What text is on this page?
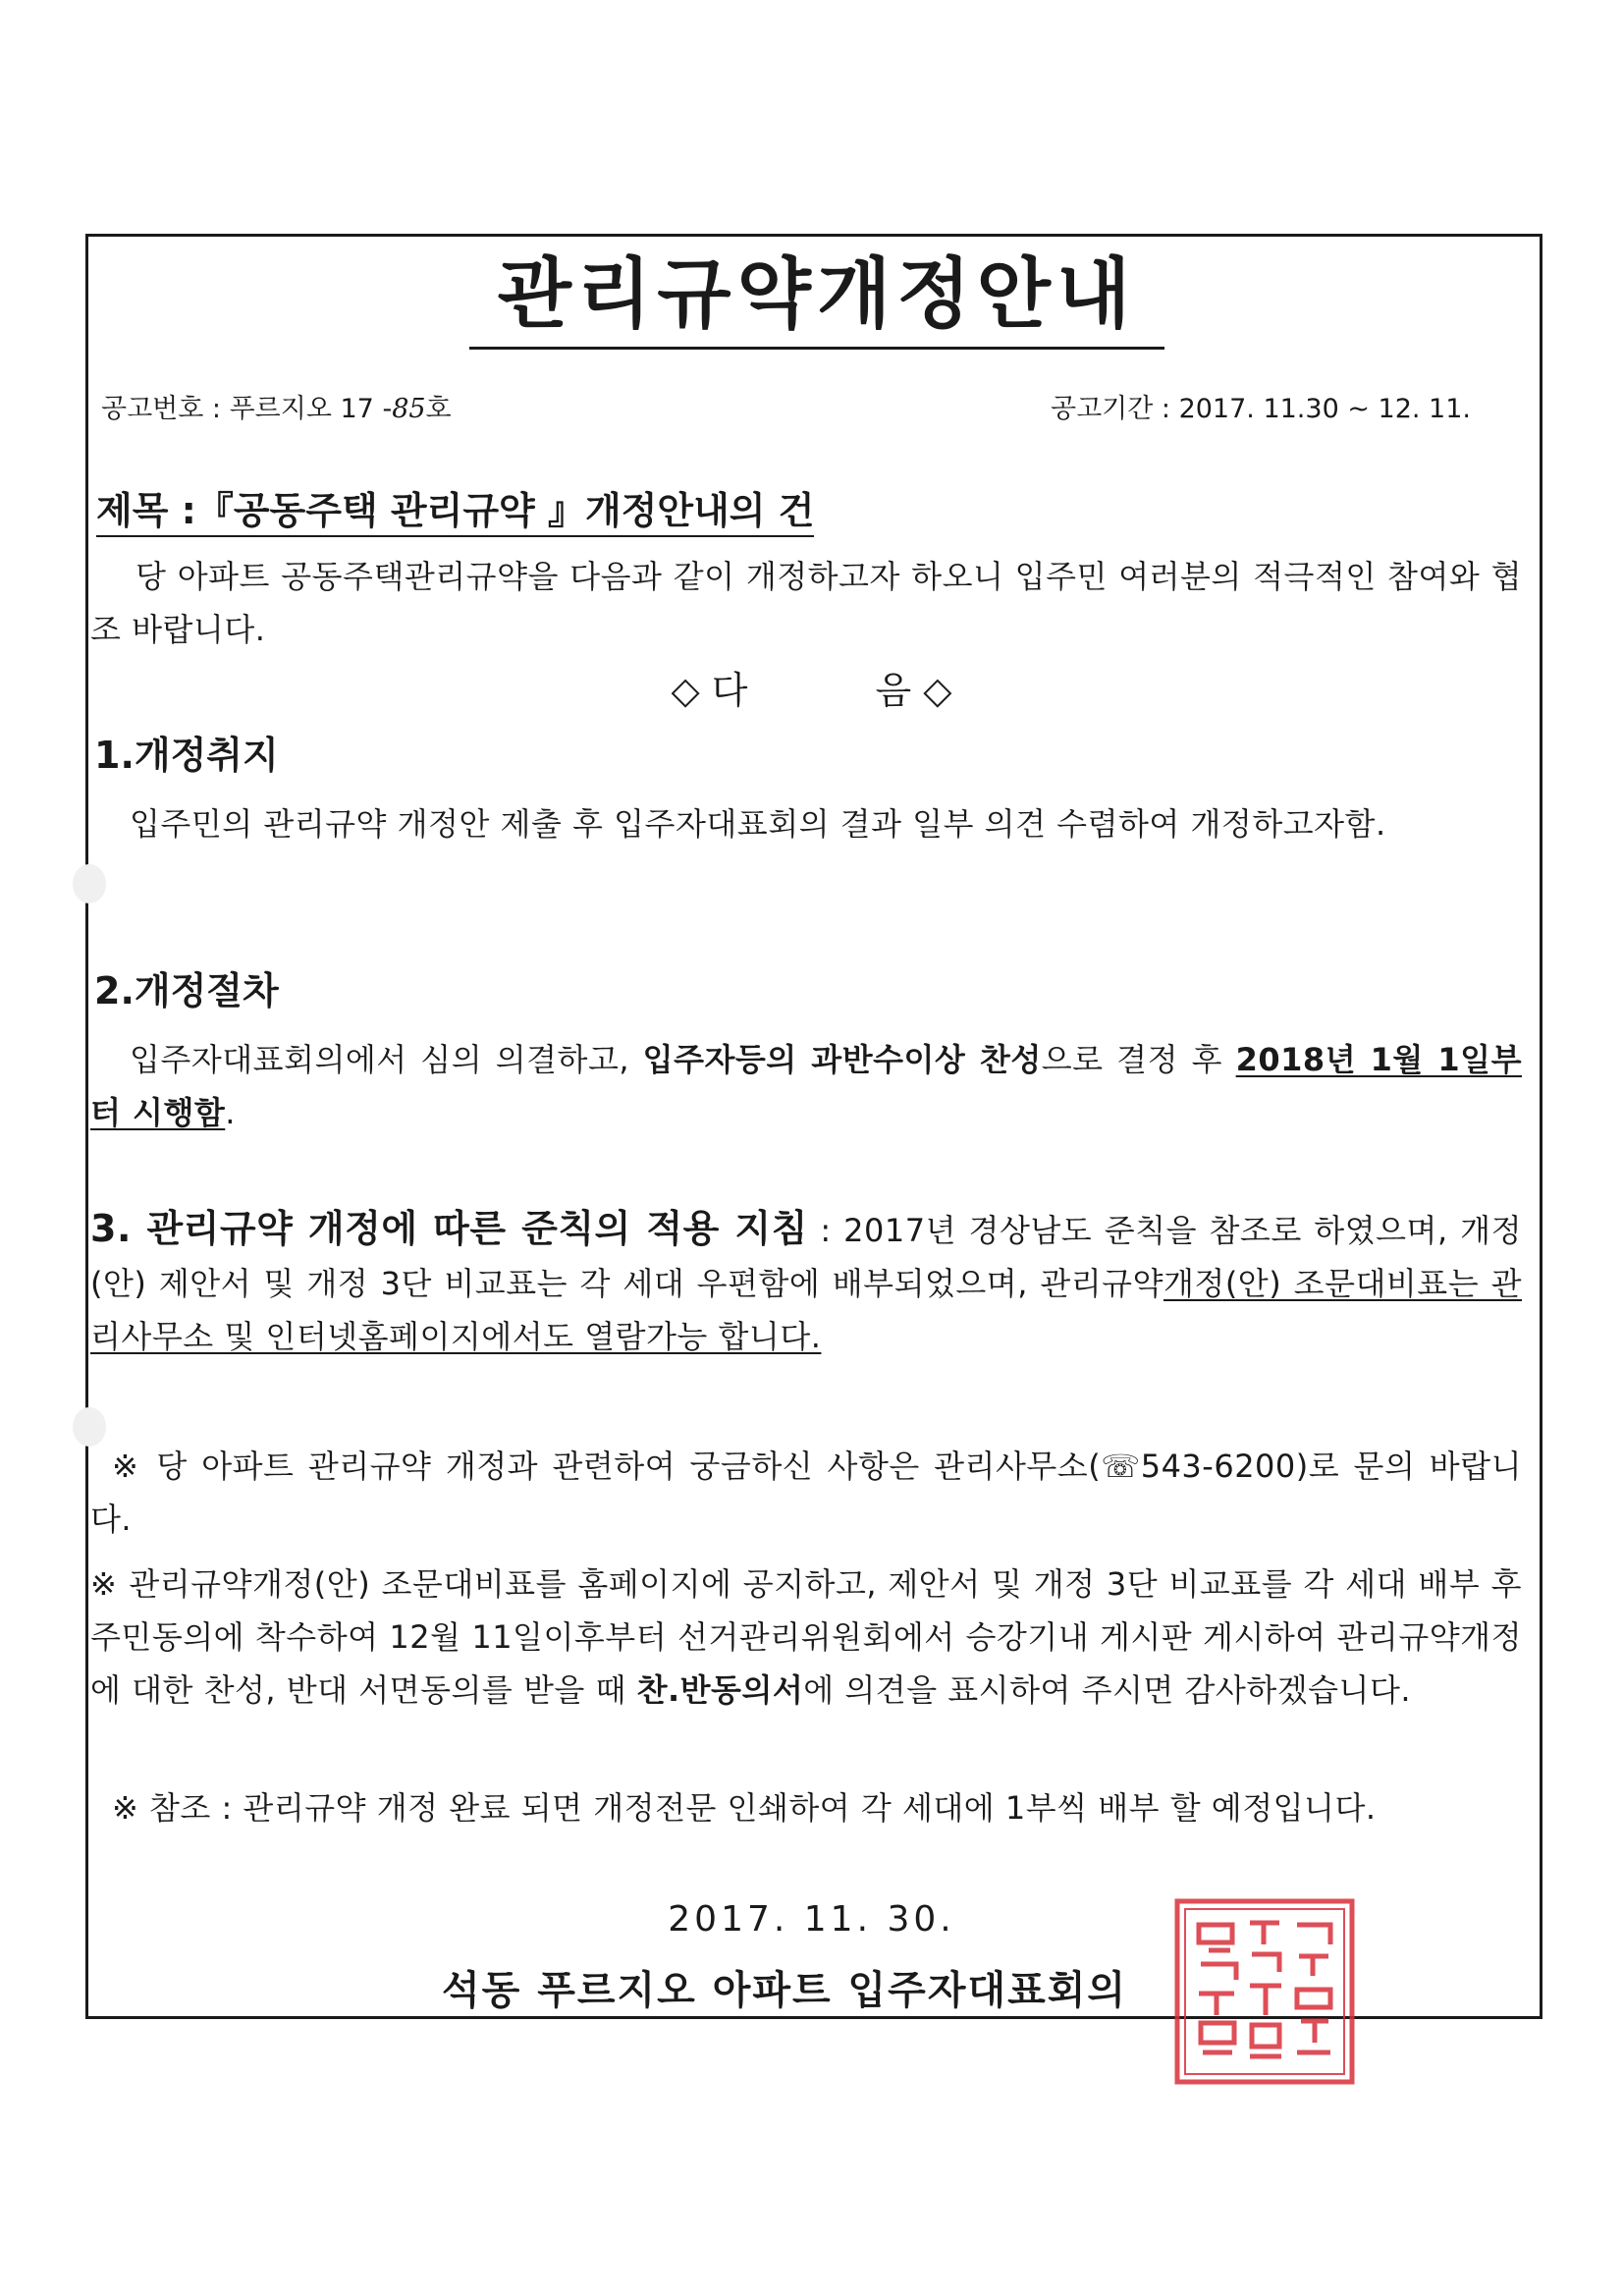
관리규약개정안내
공고번호 : 푸르지오 17 -85호	공고기간 : 2017. 11.30 ~ 12. 11.
제목 :『공동주택 관리규약 』개정안내의 건

당 아파트 공동주택관리규약을 다음과 같이 개정하고자 하오니 입주민 여러분의 적극적인 참여와 협조 바랍니다.

◇ 다	음 ◇
1.개정취지

입주민의 관리규약 개정안 제출 후 입주자대표회의 결과 일부 의견 수렴하여 개정하고자함.

2.개정절차

입주자대표회의에서 심의 의결하고, 입주자등의 과반수이상 찬성으로 결정 후 2018년 1월 1일부터 시행함.

3. 관리규약 개정에 따른 준칙의 적용 지침 : 2017년 경상남도 준칙을 참조로 하였으며, 개정(안) 제안서 및 개정 3단 비교표는 각 세대 우편함에 배부되었으며, 관리규약개정(안) 조문대비표는 관리사무소 및 인터넷홈페이지에서도 열람가능 합니다.

※ 당 아파트 관리규약 개정과 관련하여 궁금하신 사항은 관리사무소(☏543-6200)로 문의 바랍니다.

※ 관리규약개정(안) 조문대비표를 홈페이지에 공지하고, 제안서 및 개정 3단 비교표를 각 세대 배부 후 주민동의에 착수하여 12월 11일이후부터 선거관리위원회에서 승강기내 게시판 게시하여 관리규약개정에 대한 찬성, 반대 서면동의를 받을 때 찬.반동의서에 의견을 표시하여 주시면 감사하겠습니다.

※ 참조 : 관리규약 개정 완료 되면 개정전문 인쇄하여 각 세대에 1부씩 배부 할 예정입니다.

2017. 11. 30.
석동 푸르지오 아파트 입주자대표회의
